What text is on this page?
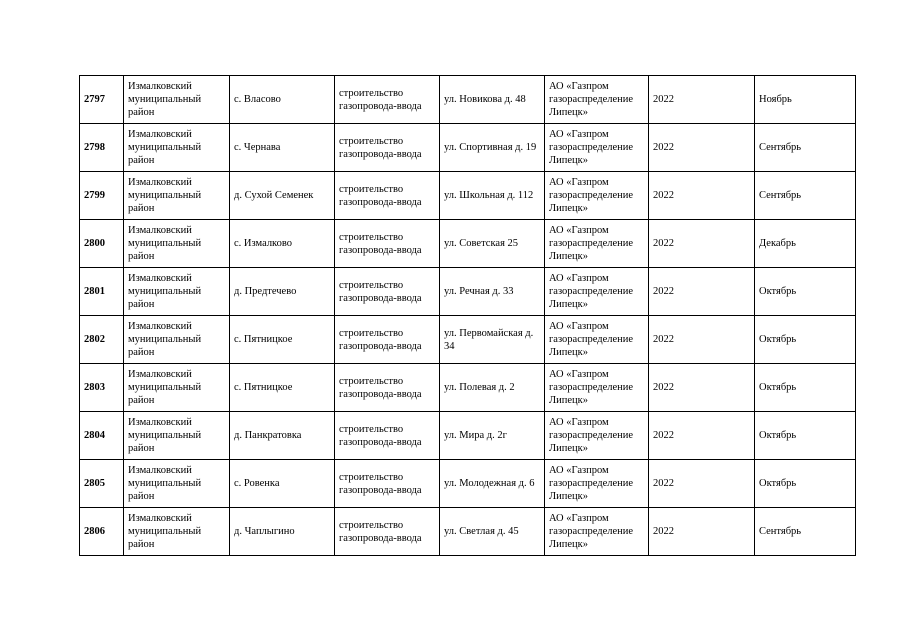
2797	Измалковский муниципальный район	с. Власово	строительство газопровода-ввода	ул. Новикова д. 48	АО «Газпром газораспределение Липецк»	2022	Ноябрь
2798	Измалковский муниципальный район	с. Чернава	строительство газопровода-ввода	ул. Спортивная д. 19	АО «Газпром газораспределение Липецк»	2022	Сентябрь
2799	Измалковский муниципальный район	д. Сухой Семенек	строительство газопровода-ввода	ул. Школьная д. 112	АО «Газпром газораспределение Липецк»	2022	Сентябрь
2800	Измалковский муниципальный район	с. Измалково	строительство газопровода-ввода	ул. Советская 25	АО «Газпром газораспределение Липецк»	2022	Декабрь
2801	Измалковский муниципальный район	д. Предтечево	строительство газопровода-ввода	ул. Речная д. 33	АО «Газпром газораспределение Липецк»	2022	Октябрь
2802	Измалковский муниципальный район	с. Пятницкое	строительство газопровода-ввода	ул. Первомайская д. 34	АО «Газпром газораспределение Липецк»	2022	Октябрь
2803	Измалковский муниципальный район	с. Пятницкое	строительство газопровода-ввода	ул. Полевая д. 2	АО «Газпром газораспределение Липецк»	2022	Октябрь
2804	Измалковский муниципальный район	д. Панкратовка	строительство газопровода-ввода	ул. Мира д. 2г	АО «Газпром газораспределение Липецк»	2022	Октябрь
2805	Измалковский муниципальный район	с. Ровенка	строительство газопровода-ввода	ул. Молодежная д. 6	АО «Газпром газораспределение Липецк»	2022	Октябрь
2806	Измалковский муниципальный район	д. Чаплыгино	строительство газопровода-ввода	ул. Светлая д. 45	АО «Газпром газораспределение Липецк»	2022	Сентябрь
